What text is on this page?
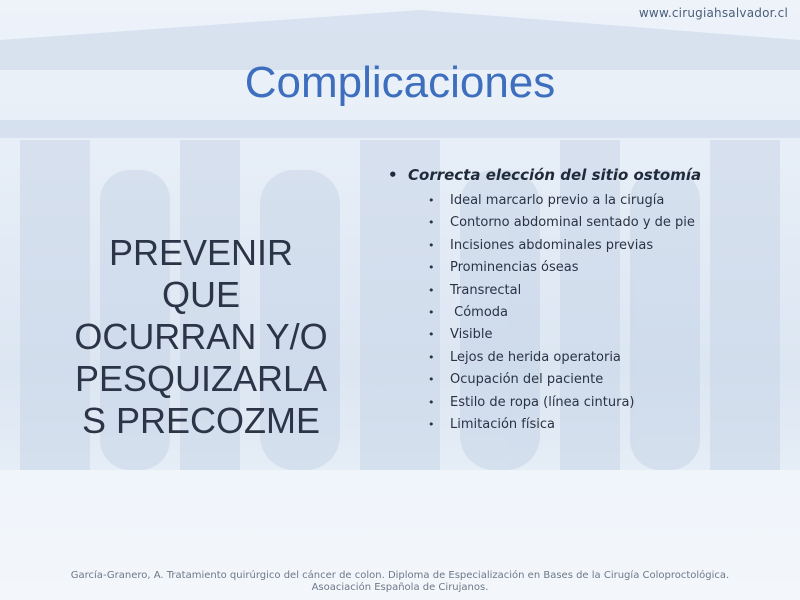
www.cirugiahsalvador.cl
Complicaciones
PREVENIR
QUE
OCURRAN Y/O
PESQUIZARLA
S PRECOZME
• Correcta elección del sitio ostomía
• Ideal marcarlo previo a la cirugía
• Contorno abdominal sentado y de pie
• Incisiones abdominales previas
• Prominencias óseas
• Transrectal
• Cómoda
• Visible
• Lejos de herida operatoria
• Ocupación del paciente
• Estilo de ropa (línea cintura)
• Limitación física
García-Granero, A. Tratamiento quirúrgico del cáncer de colon. Diploma de Especialización en Bases de la Cirugía Coloproctológica.
Asoaciación Española de Cirujanos.
